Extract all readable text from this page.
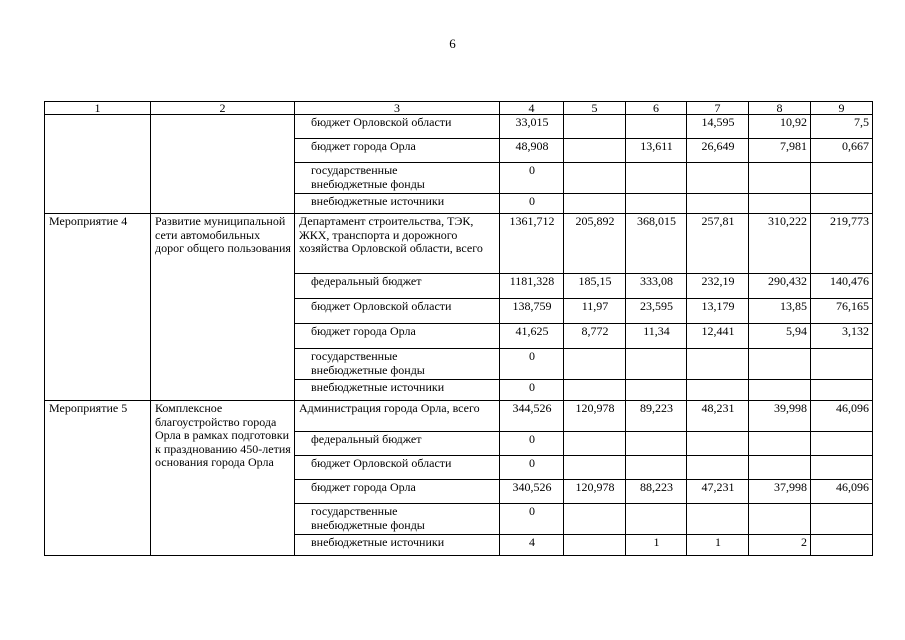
6
1	2	3	4	5	6	7	8	9
		бюджет Орловской области	33,015			14,595	10,92	7,5
		бюджет города Орла	48,908		13,611	26,649	7,981	0,667

		государственные внебюджетные фонды	0					
		внебюджетные источники	0					
Мероприятие 4	Развитие муниципальной сети автомобильных дорог общего пользования	Департамент строительства, ТЭК, ЖКХ, транспорта и дорожного хозяйства Орловской области, всего	1361,712	205,892	368,015	257,81	310,222	219,773
		федеральный бюджет	1181,328	185,15	333,08	232,19	290,432	140,476
		бюджет Орловской области	138,759	11,97	23,595	13,179	13,85	76,165
		бюджет города Орла	41,625	8,772	11,34	12,441	5,94	3,132

		государственные внебюджетные фонды	0					
		внебюджетные источники	0					
Мероприятие 5	Комплексное благоустройство города Орла в рамках подготовки к празднованию 450-летия основания города Орла	Администрация города Орла, всего	344,526	120,978	89,223	48,231	39,998	46,096
		федеральный бюджет	0					
		бюджет Орловской области	0					
		бюджет города Орла	340,526	120,978	88,223	47,231	37,998	46,096

		государственные внебюджетные фонды	0					
		внебюджетные источники	4		1	1	2	
